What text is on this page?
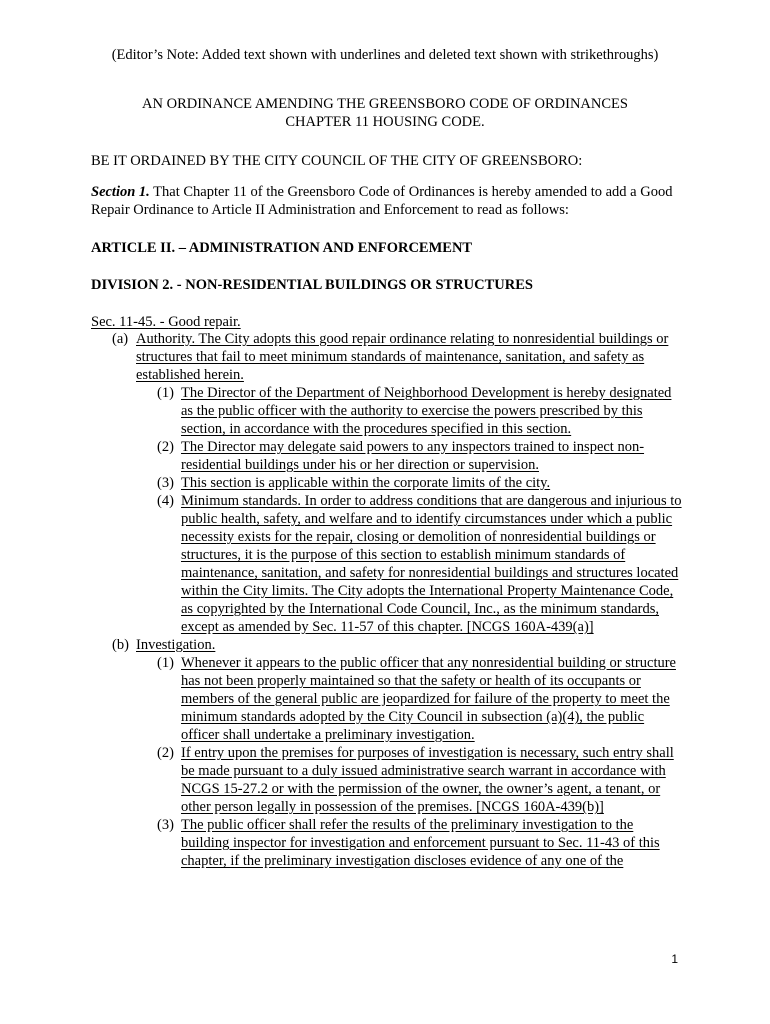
(Editor’s Note: Added text shown with underlines and deleted text shown with strikethroughs)
AN ORDINANCE AMENDING THE GREENSBORO CODE OF ORDINANCES
CHAPTER 11 HOUSING CODE.
BE IT ORDAINED BY THE CITY COUNCIL OF THE CITY OF GREENSBORO:
Section 1. That Chapter 11 of the Greensboro Code of Ordinances is hereby amended to add a Good Repair Ordinance to Article II Administration and Enforcement to read as follows:
ARTICLE II. – ADMINISTRATION AND ENFORCEMENT
DIVISION 2. - NON-RESIDENTIAL BUILDINGS OR STRUCTURES
Sec. 11-45. - Good repair.
(a) Authority. The City adopts this good repair ordinance relating to nonresidential buildings or structures that fail to meet minimum standards of maintenance, sanitation, and safety as established herein.
(1) The Director of the Department of Neighborhood Development is hereby designated as the public officer with the authority to exercise the powers prescribed by this section, in accordance with the procedures specified in this section.
(2) The Director may delegate said powers to any inspectors trained to inspect non-residential buildings under his or her direction or supervision.
(3) This section is applicable within the corporate limits of the city.
(4) Minimum standards. In order to address conditions that are dangerous and injurious to public health, safety, and welfare and to identify circumstances under which a public necessity exists for the repair, closing or demolition of nonresidential buildings or structures, it is the purpose of this section to establish minimum standards of maintenance, sanitation, and safety for nonresidential buildings and structures located within the City limits. The City adopts the International Property Maintenance Code, as copyrighted by the International Code Council, Inc., as the minimum standards, except as amended by Sec. 11-57 of this chapter. [NCGS 160A-439(a)]
(b) Investigation.
(1) Whenever it appears to the public officer that any nonresidential building or structure has not been properly maintained so that the safety or health of its occupants or members of the general public are jeopardized for failure of the property to meet the minimum standards adopted by the City Council in subsection (a)(4), the public officer shall undertake a preliminary investigation.
(2) If entry upon the premises for purposes of investigation is necessary, such entry shall be made pursuant to a duly issued administrative search warrant in accordance with NCGS 15-27.2 or with the permission of the owner, the owner’s agent, a tenant, or other person legally in possession of the premises. [NCGS 160A-439(b)]
(3) The public officer shall refer the results of the preliminary investigation to the building inspector for investigation and enforcement pursuant to Sec. 11-43 of this chapter, if the preliminary investigation discloses evidence of any one of the
1
